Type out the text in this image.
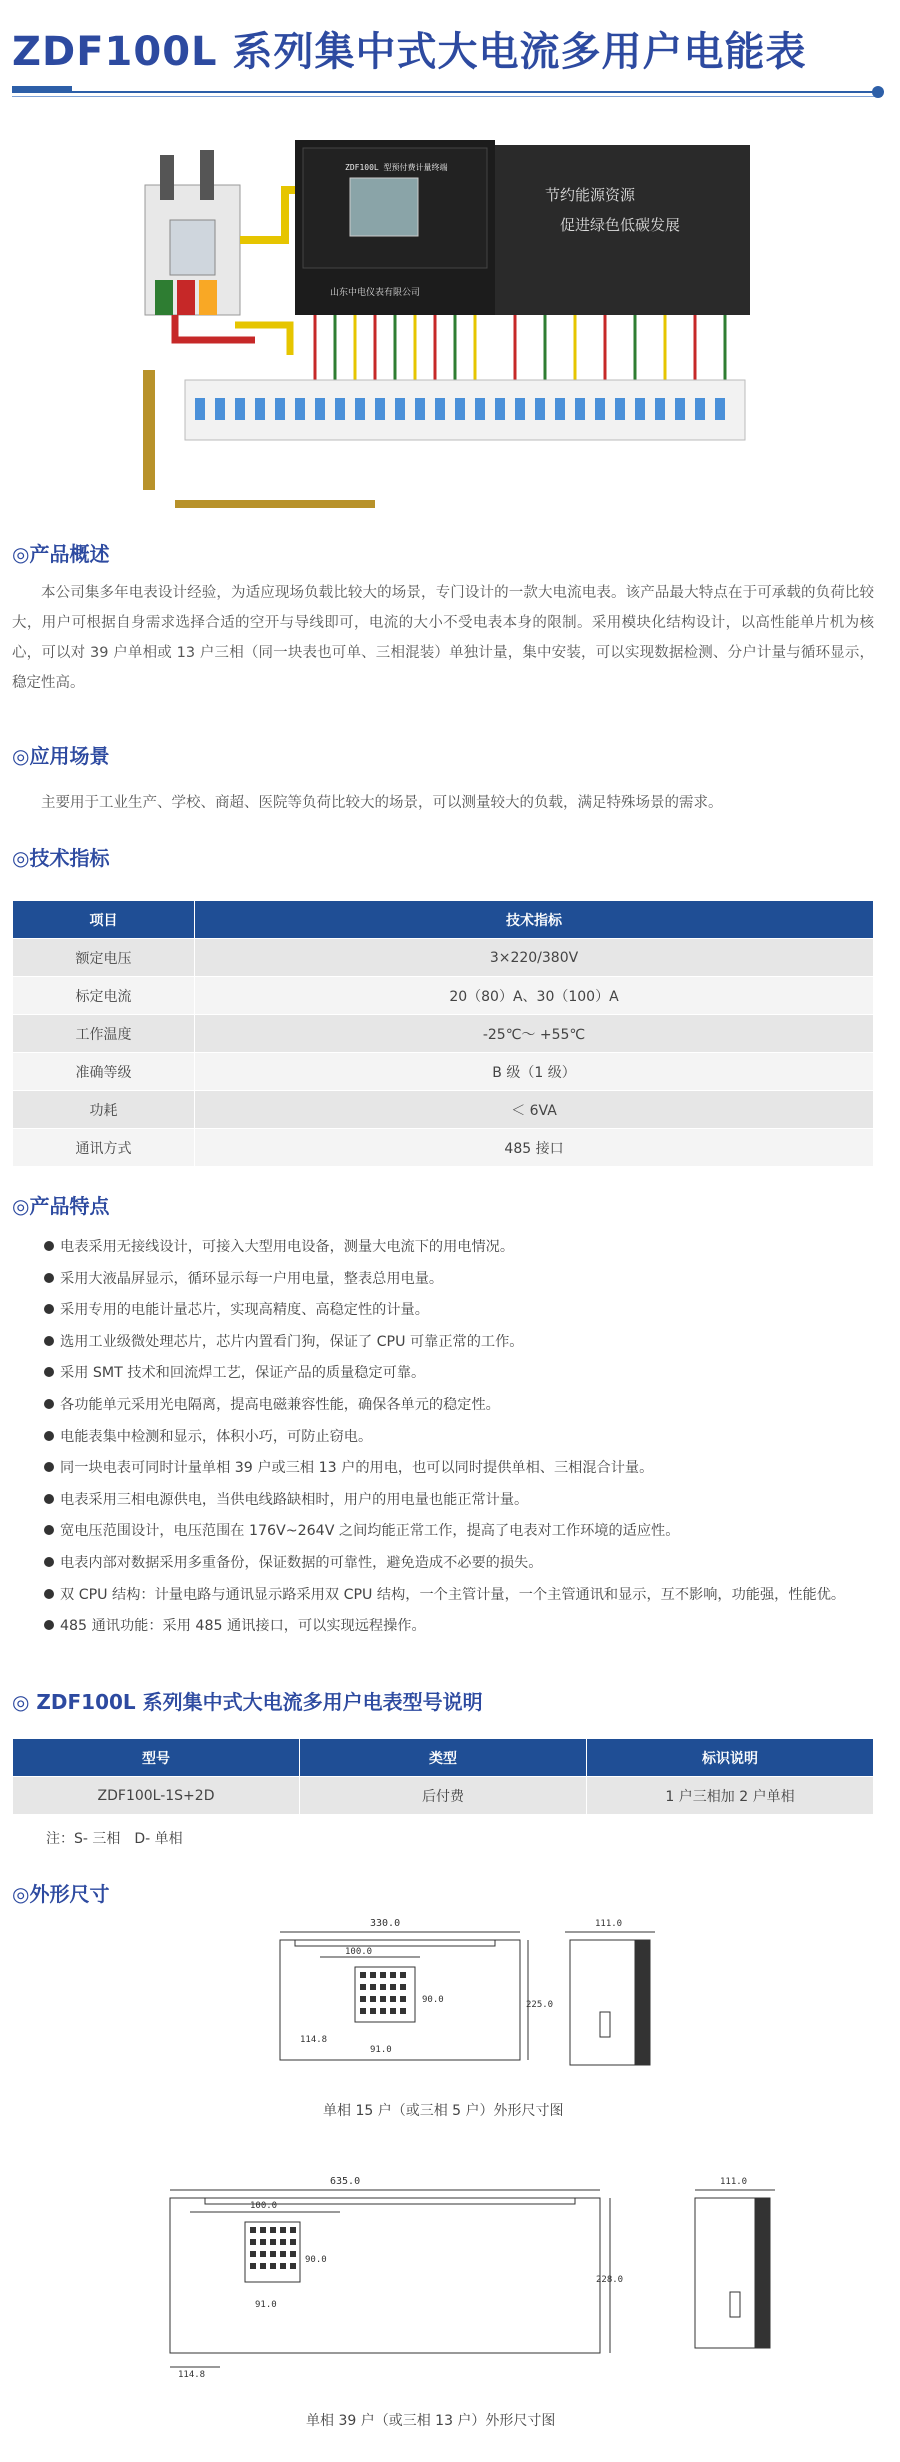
ZDF100L 系列集中式大电流多用户电能表
ZDF100L 型预付费计量终端
山东中电仪表有限公司
节约能源资源
促进绿色低碳发展
◎产品概述
本公司集多年电表设计经验，为适应现场负载比较大的场景，专门设计的一款大电流电表。该产品最大特点在于可承载的负荷比较大，用户可根据自身需求选择合适的空开与导线即可，电流的大小不受电表本身的限制。采用模块化结构设计，以高性能单片机为核心，可以对 39 户单相或 13 户三相（同一块表也可单、三相混装）单独计量，集中安装，可以实现数据检测、分户计量与循环显示，稳定性高。
◎应用场景
主要用于工业生产、学校、商超、医院等负荷比较大的场景，可以测量较大的负载，满足特殊场景的需求。
◎技术指标
项目	技术指标
额定电压	3×220/380V
标定电流	20（80）A、30（100）A
工作温度	-25℃～ +55℃
准确等级	B 级（1 级）
功耗	＜ 6VA
通讯方式	485 接口
◎产品特点
电表采用无接线设计，可接入大型用电设备，测量大电流下的用电情况。
采用大液晶屏显示，循环显示每一户用电量，整表总用电量。
采用专用的电能计量芯片，实现高精度、高稳定性的计量。
选用工业级微处理芯片，芯片内置看门狗，保证了 CPU 可靠正常的工作。
采用 SMT 技术和回流焊工艺，保证产品的质量稳定可靠。
各功能单元采用光电隔离，提高电磁兼容性能，确保各单元的稳定性。
电能表集中检测和显示，体积小巧，可防止窃电。
同一块电表可同时计量单相 39 户或三相 13 户的用电，也可以同时提供单相、三相混合计量。
电表采用三相电源供电，当供电线路缺相时，用户的用电量也能正常计量。
宽电压范围设计，电压范围在 176V~264V 之间均能正常工作，提高了电表对工作环境的适应性。
电表内部对数据采用多重备份，保证数据的可靠性，避免造成不必要的损失。
双 CPU 结构：计量电路与通讯显示路采用双 CPU 结构，一个主管计量，一个主管通讯和显示，互不影响，功能强，性能优。
485 通讯功能：采用 485 通讯接口，可以实现远程操作。
◎ ZDF100L 系列集中式大电流多用户电表型号说明
型号	类型	标识说明
ZDF100L-1S+2D	后付费	1 户三相加 2 户单相
注：S- 三相　D- 单相
◎外形尺寸
330.0
100.0
90.0
114.8
91.0
225.0
111.0
单相 15 户（或三相 5 户）外形尺寸图
635.0
100.0
90.0
91.0
114.8
228.0
111.0
单相 39 户（或三相 13 户）外形尺寸图
